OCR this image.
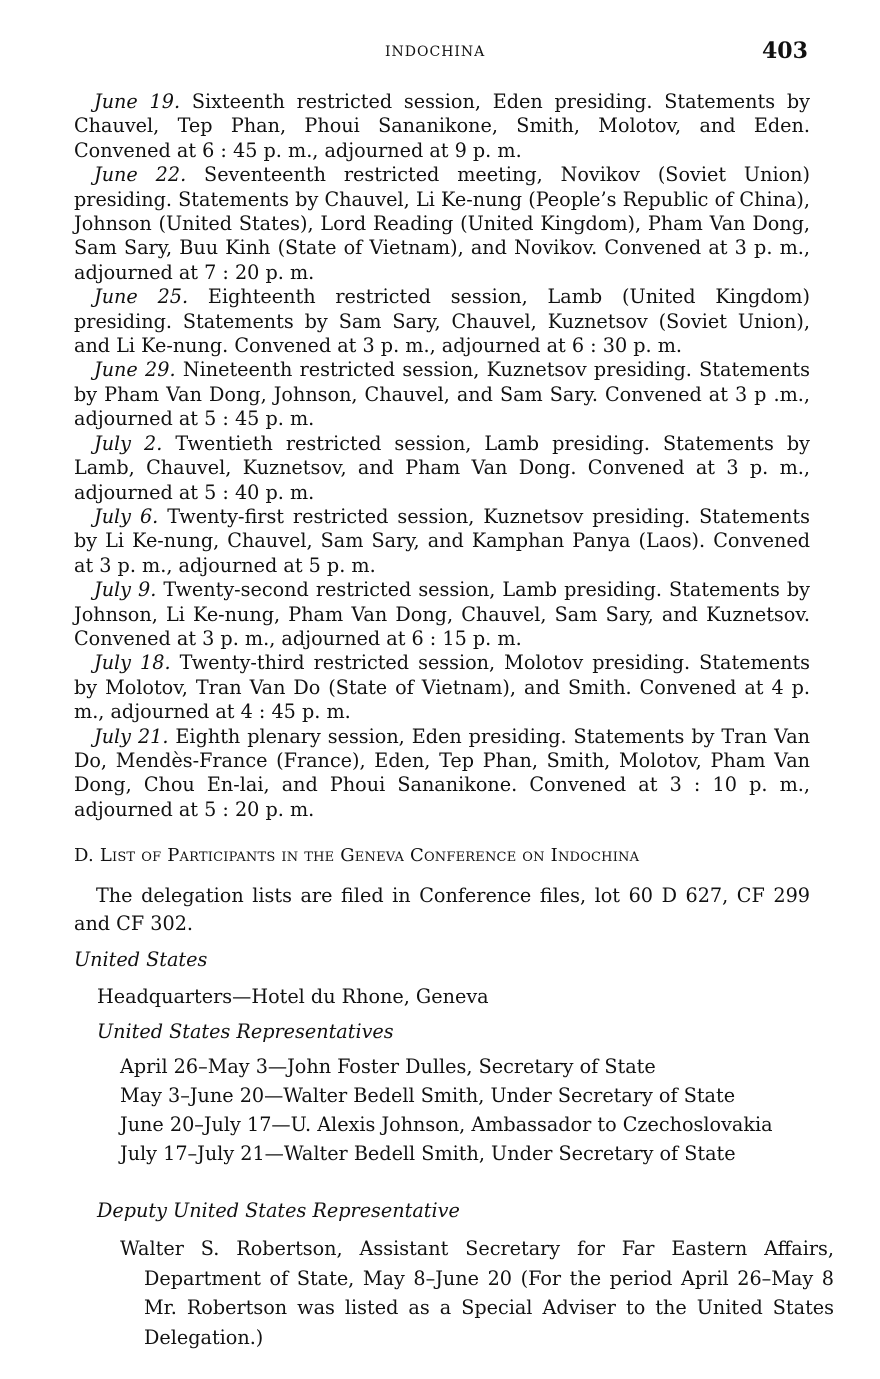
INDOCHINA	403

June 19. Sixteenth restricted session, Eden presiding. Statements by Chauvel, Tep Phan, Phoui Sananikone, Smith, Molotov, and Eden. Convened at 6 : 45 p. m., adjourned at 9 p. m.

June 22. Seventeenth restricted meeting, Novikov (Soviet Union) presiding. Statements by Chauvel, Li Ke-nung (People’s Republic of China), Johnson (United States), Lord Reading (United Kingdom), Pham Van Dong, Sam Sary, Buu Kinh (State of Vietnam), and Novikov. Convened at 3 p. m., adjourned at 7 : 20 p. m.

June 25. Eighteenth restricted session, Lamb (United Kingdom) presiding. Statements by Sam Sary, Chauvel, Kuznetsov (Soviet Union), and Li Ke-nung. Convened at 3 p. m., adjourned at 6 : 30 p. m.

June 29. Nineteenth restricted session, Kuznetsov presiding. Statements by Pham Van Dong, Johnson, Chauvel, and Sam Sary. Convened at 3 p .m., adjourned at 5 : 45 p. m.

July 2. Twentieth restricted session, Lamb presiding. Statements by Lamb, Chauvel, Kuznetsov, and Pham Van Dong. Convened at 3 p. m., adjourned at 5 : 40 p. m.

July 6. Twenty-first restricted session, Kuznetsov presiding. Statements by Li Ke-nung, Chauvel, Sam Sary, and Kamphan Panya (Laos). Convened at 3 p. m., adjourned at 5 p. m.

July 9. Twenty-second restricted session, Lamb presiding. Statements by Johnson, Li Ke-nung, Pham Van Dong, Chauvel, Sam Sary, and Kuznetsov. Convened at 3 p. m., adjourned at 6 : 15 p. m.

July 18. Twenty-third restricted session, Molotov presiding. Statements by Molotov, Tran Van Do (State of Vietnam), and Smith. Convened at 4 p. m., adjourned at 4 : 45 p. m.

July 21. Eighth plenary session, Eden presiding. Statements by Tran Van Do, Mendès-France (France), Eden, Tep Phan, Smith, Molotov, Pham Van Dong, Chou En-lai, and Phoui Sananikone. Convened at 3 : 10 p. m., adjourned at 5 : 20 p. m.

D. List of Participants in the Geneva Conference on Indochina

The delegation lists are filed in Conference files, lot 60 D 627, CF 299 and CF 302.

United States
Headquarters—Hotel du Rhone, Geneva
United States Representatives
April 26–May 3—John Foster Dulles, Secretary of State
May 3–June 20—Walter Bedell Smith, Under Secretary of State
June 20–July 17—U. Alexis Johnson, Ambassador to Czechoslovakia
July 17–July 21—Walter Bedell Smith, Under Secretary of State
Deputy United States Representative

Walter S. Robertson, Assistant Secretary for Far Eastern Affairs, Department of State, May 8–June 20 (For the period April 26–May 8 Mr. Robertson was listed as a Special Adviser to the United States Delegation.)
